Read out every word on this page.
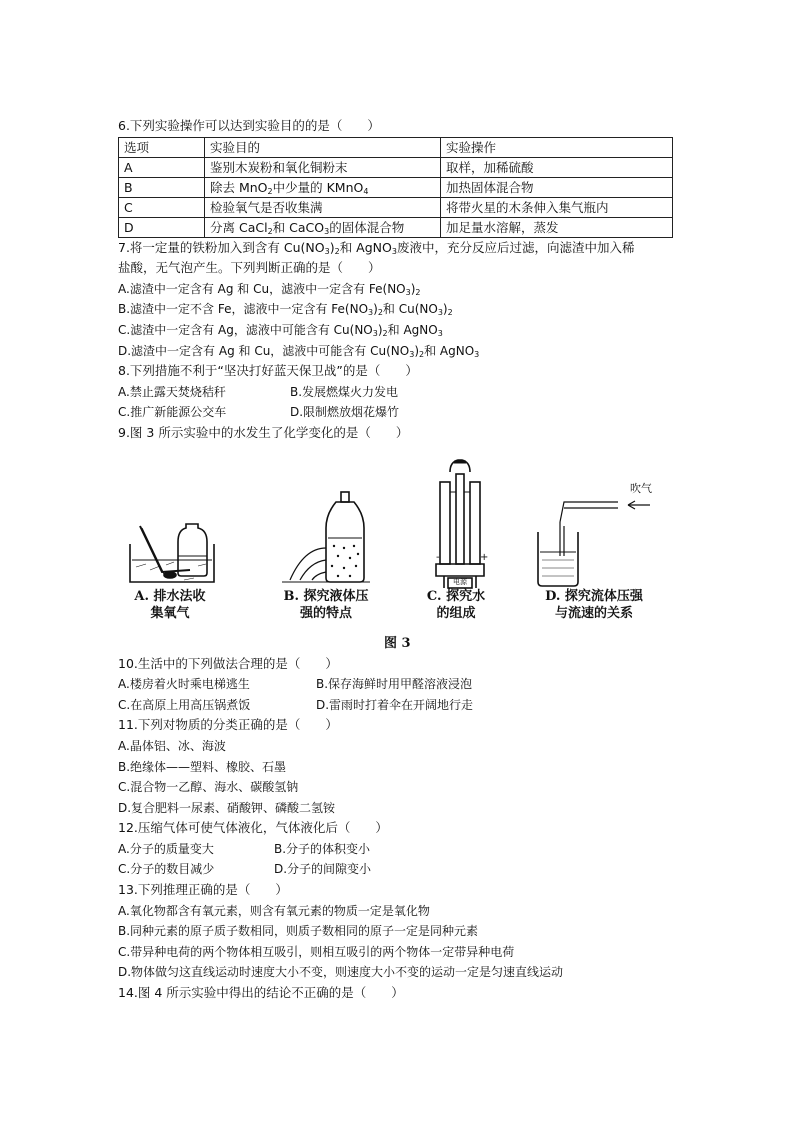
6.下列实验操作可以达到实验目的的是（　　）
选项	实验目的	实验操作
A	鉴别木炭粉和氧化铜粉末	取样，加稀硫酸
B	除去 MnO$_2$中少量的 KMnO$_4$	加热固体混合物
C	检验氧气是否收集满	将带火星的木条伸入集气瓶内
D	分离 CaCl$_2$和 CaCO$_3$的固体混合物	加足量水溶解，蒸发
7.将一定量的铁粉加入到含有 $Cu(NO_3)_2$和 AgNO$_3$废液中，充分反应后过滤，向滤渣中加入稀
盐酸，无气泡产生。下列判断正确的是（　　）
A.滤渣中一定含有 Ag 和 Cu，滤液中一定含有 $Fe(NO_3)_2$
B.滤渣中一定不含 Fe，滤液中一定含有 $Fe(NO_3)_2$和 $Cu(NO_3)_2$
C.滤渣中一定含有 Ag，滤液中可能含有 $Cu(NO_3)_2$和 AgNO$_3$
D.滤渣中一定含有 Ag 和 Cu，滤液中可能含有 $Cu(NO_3)_2$和 AgNO$_3$
8.下列措施不利于“坚决打好蓝天保卫战”的是（　　）
A.禁止露天焚烧秸秆	B.发展燃煤火力发电
C.推广新能源公交车	D.限制燃放烟花爆竹
9.图 3 所示实验中的水发生了化学变化的是（　　）
-	+
电源
吹气
A. 排水法收
集氧气
B. 探究液体压
强的特点
C. 探究水
的组成
D. 探究流体压强
与流速的关系
图 3
10.生活中的下列做法合理的是（　　）
A.楼房着火时乘电梯逃生	B.保存海鲜时用甲醛溶液浸泡
C.在高原上用高压锅煮饭	D.雷雨时打着伞在开阔地行走
11.下列对物质的分类正确的是（　　）
A.晶体铝、冰、海波
B.绝缘体——塑料、橡胶、石墨
C.混合物一乙醇、海水、碳酸氢钠
D.复合肥料一尿素、硝酸钾、磷酸二氢铵
12.压缩气体可使气体液化，气体液化后（　　）
A.分子的质量变大	B.分子的体积变小
C.分子的数目减少	D.分子的间隙变小
13.下列推理正确的是（　　）
A.氧化物都含有氧元素，则含有氧元素的物质一定是氧化物
B.同种元素的原子质子数相同，则质子数相同的原子一定是同种元素
C.带异种电荷的两个物体相互吸引，则相互吸引的两个物体一定带异种电荷
D.物体做匀这直线运动时速度大小不变，则速度大小不变的运动一定是匀速直线运动
14.图 4 所示实验中得出的结论不正确的是（　　）
